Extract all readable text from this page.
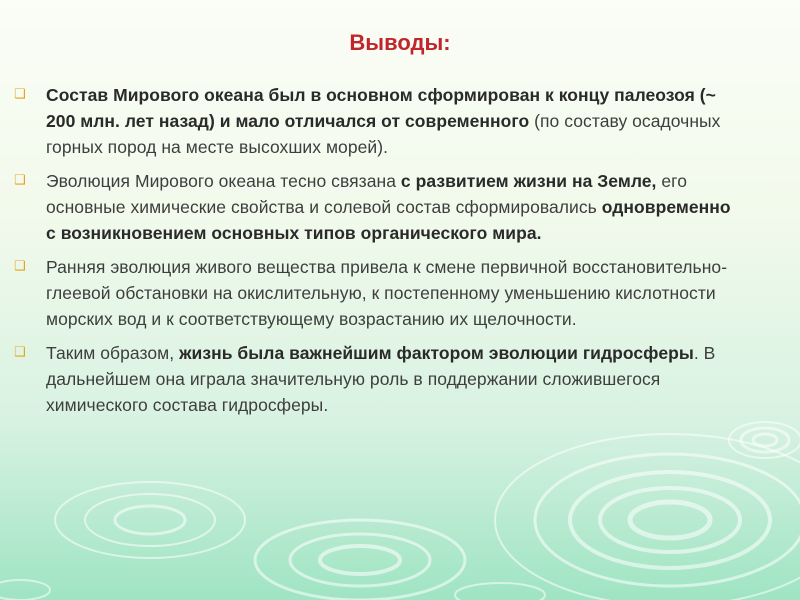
Выводы:
❑ Состав Мирового океана был в основном сформирован к концу палеозоя (~ 200 млн. лет назад) и мало отличался от современного (по составу осадочных горных пород на месте высохших морей).
❑ Эволюция Мирового океана тесно связана с развитием жизни на Земле, его основные химические свойства и солевой состав сформировались одновременно с возникновением основных типов органического мира.
❑ Ранняя эволюция живого вещества привела к смене первичной восстановительно-глеевой обстановки на окислительную, к постепенному уменьшению кислотности морских вод и к соответствующему возрастанию их щелочности.
❑ Таким образом, жизнь была важнейшим фактором эволюции гидросферы. В дальнейшем она играла значительную роль в поддержании сложившегося химического состава гидросферы.
